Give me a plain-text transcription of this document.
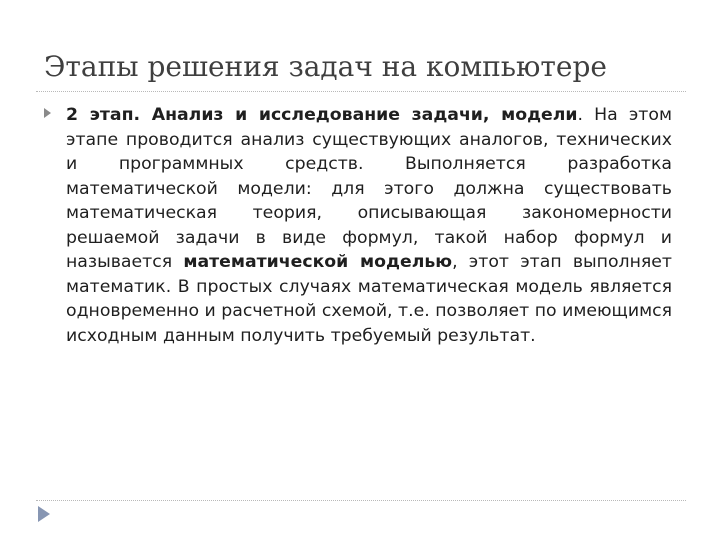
Этапы решения задач на компьютере
2 этап. Анализ и исследование задачи, модели. На этом этапе проводится анализ существующих аналогов, технических и программных средств. Выполняется разработка математической модели: для этого должна существовать математическая теория, описывающая закономерности решаемой задачи в виде формул, такой набор формул и называется математической моделью, этот этап выполняет математик. В простых случаях математическая модель является одновременно и расчетной схемой, т.е. позволяет по имеющимся исходным данным получить требуемый результат.
